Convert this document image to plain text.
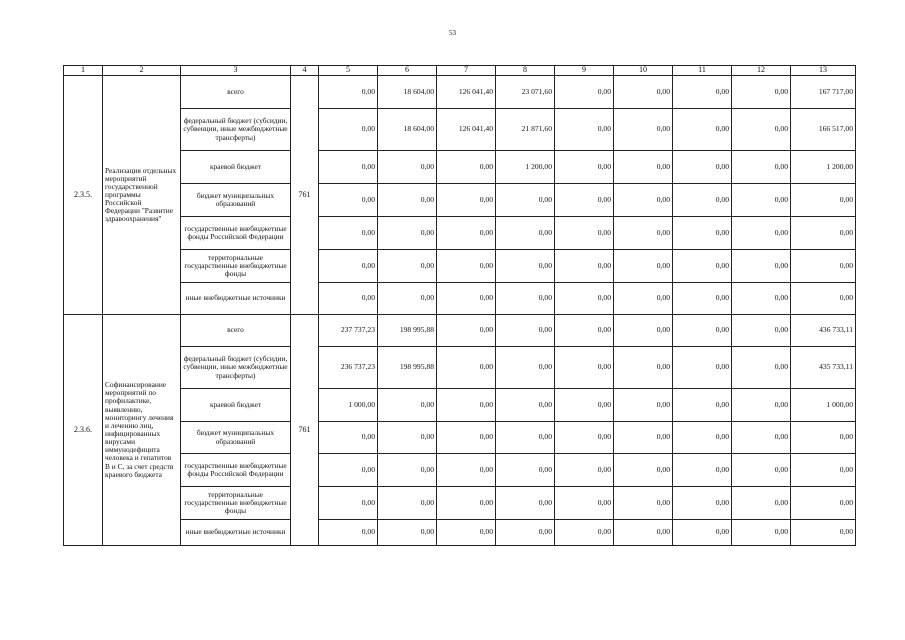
53
1	2	3	4	5	6	7	8	9	10	11	12	13
2.3.5.	Реализация отдельных мероприятий государственной программы Российской Федерации "Развитие здравоохранения"	всего	761	0,00	18 604,00	126 041,40	23 071,60	0,00	0,00	0,00	0,00	167 717,00
		федеральный бюджет (субсидии, субвенции, иные межбюджетные трансферты)		0,00	18 604,00	126 041,40	21 871,60	0,00	0,00	0,00	0,00	166 517,00
		краевой бюджет		0,00	0,00	0,00	1 200,00	0,00	0,00	0,00	0,00	1 200,00
		бюджет муниципальных образований		0,00	0,00	0,00	0,00	0,00	0,00	0,00	0,00	0,00
		государственные внебюджетные фонды Российской Федерации		0,00	0,00	0,00	0,00	0,00	0,00	0,00	0,00	0,00
		территориальные государственные внебюджетные фонды		0,00	0,00	0,00	0,00	0,00	0,00	0,00	0,00	0,00
		иные внебюджетные источники		0,00	0,00	0,00	0,00	0,00	0,00	0,00	0,00	0,00
2.3.6.	Софинансирование мероприятий по профилактике, выявлению, мониторингу лечения и лечению лиц, инфицированных вирусами иммунодефицита человека и гепатитов B и C, за счет средств краевого бюджета	всего	761	237 737,23	198 995,88	0,00	0,00	0,00	0,00	0,00	0,00	436 733,11
		федеральный бюджет (субсидии, субвенции, иные межбюджетные трансферты)		236 737,23	198 995,88	0,00	0,00	0,00	0,00	0,00	0,00	435 733,11
		краевой бюджет		1 000,00	0,00	0,00	0,00	0,00	0,00	0,00	0,00	1 000,00
		бюджет муниципальных образований		0,00	0,00	0,00	0,00	0,00	0,00	0,00	0,00	0,00
		государственные внебюджетные фонды Российской Федерации		0,00	0,00	0,00	0,00	0,00	0,00	0,00	0,00	0,00
		территориальные государственные внебюджетные фонды		0,00	0,00	0,00	0,00	0,00	0,00	0,00	0,00	0,00
		иные внебюджетные источники		0,00	0,00	0,00	0,00	0,00	0,00	0,00	0,00	0,00
